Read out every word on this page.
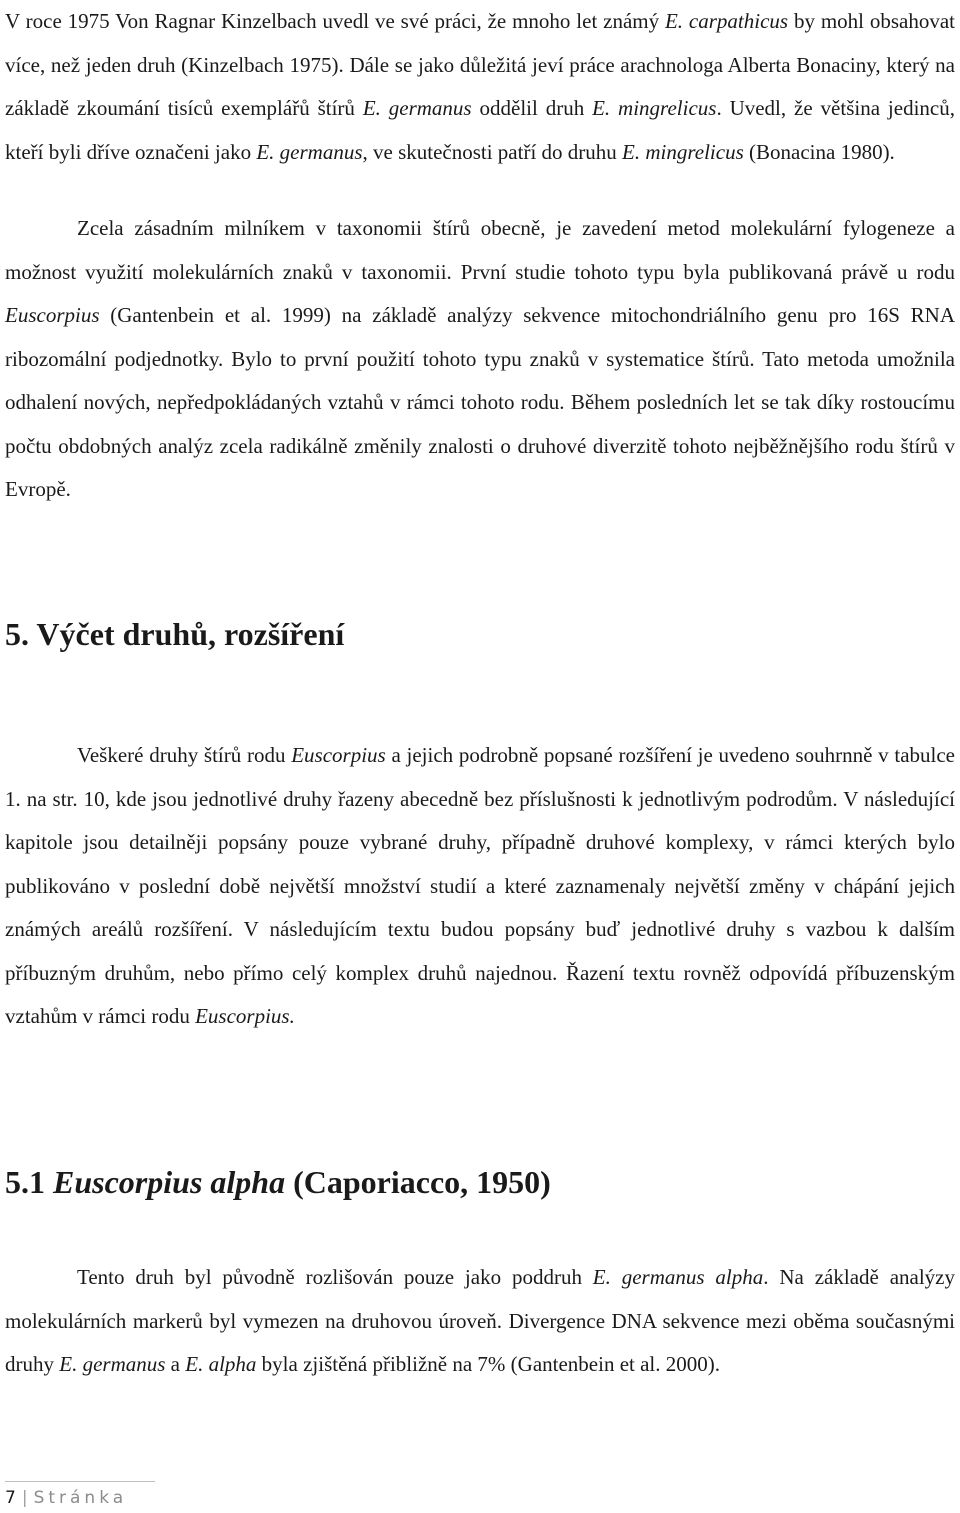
V roce 1975 Von Ragnar Kinzelbach uvedl ve své práci, že mnoho let známý E. carpathicus by mohl obsahovat více, než jeden druh (Kinzelbach 1975). Dále se jako důležitá jeví práce arachnologa Alberta Bonaciny, který na základě zkoumání tisíců exemplářů štírů E. germanus oddělil druh E. mingrelicus. Uvedl, že většina jedinců, kteří byli dříve označeni jako E. germanus, ve skutečnosti patří do druhu E. mingrelicus (Bonacina 1980).

Zcela zásadním milníkem v taxonomii štírů obecně, je zavedení metod molekulární fylogeneze a možnost využití molekulárních znaků v taxonomii. První studie tohoto typu byla publikovaná právě u rodu Euscorpius (Gantenbein et al. 1999) na základě analýzy sekvence mitochondriálního genu pro 16S RNA ribozomální podjednotky. Bylo to první použití tohoto typu znaků v systematice štírů. Tato metoda umožnila odhalení nových, nepředpokládaných vztahů v rámci tohoto rodu. Během posledních let se tak díky rostoucímu počtu obdobných analýz zcela radikálně změnily znalosti o druhové diverzitě tohoto nejběžnějšího rodu štírů v Evropě.

5. Výčet druhů, rozšíření

Veškeré druhy štírů rodu Euscorpius a jejich podrobně popsané rozšíření je uvedeno souhrnně v tabulce 1. na str. 10, kde jsou jednotlivé druhy řazeny abecedně bez příslušnosti k jednotlivým podrodům. V následující kapitole jsou detailněji popsány pouze vybrané druhy, případně druhové komplexy, v rámci kterých bylo publikováno v poslední době největší množství studií a které zaznamenaly největší změny v chápání jejich známých areálů rozšíření. V následujícím textu budou popsány buď jednotlivé druhy s vazbou k dalším příbuzným druhům, nebo přímo celý komplex druhů najednou. Řazení textu rovněž odpovídá příbuzenským vztahům v rámci rodu Euscorpius.

5.1 Euscorpius alpha (Caporiacco, 1950)

Tento druh byl původně rozlišován pouze jako poddruh E. germanus alpha. Na základě analýzy molekulárních markerů byl vymezen na druhovou úroveň. Divergence DNA sekvence mezi oběma současnými druhy E. germanus a E. alpha byla zjištěná přibližně na 7% (Gantenbein et al. 2000).

7 | Stránka
